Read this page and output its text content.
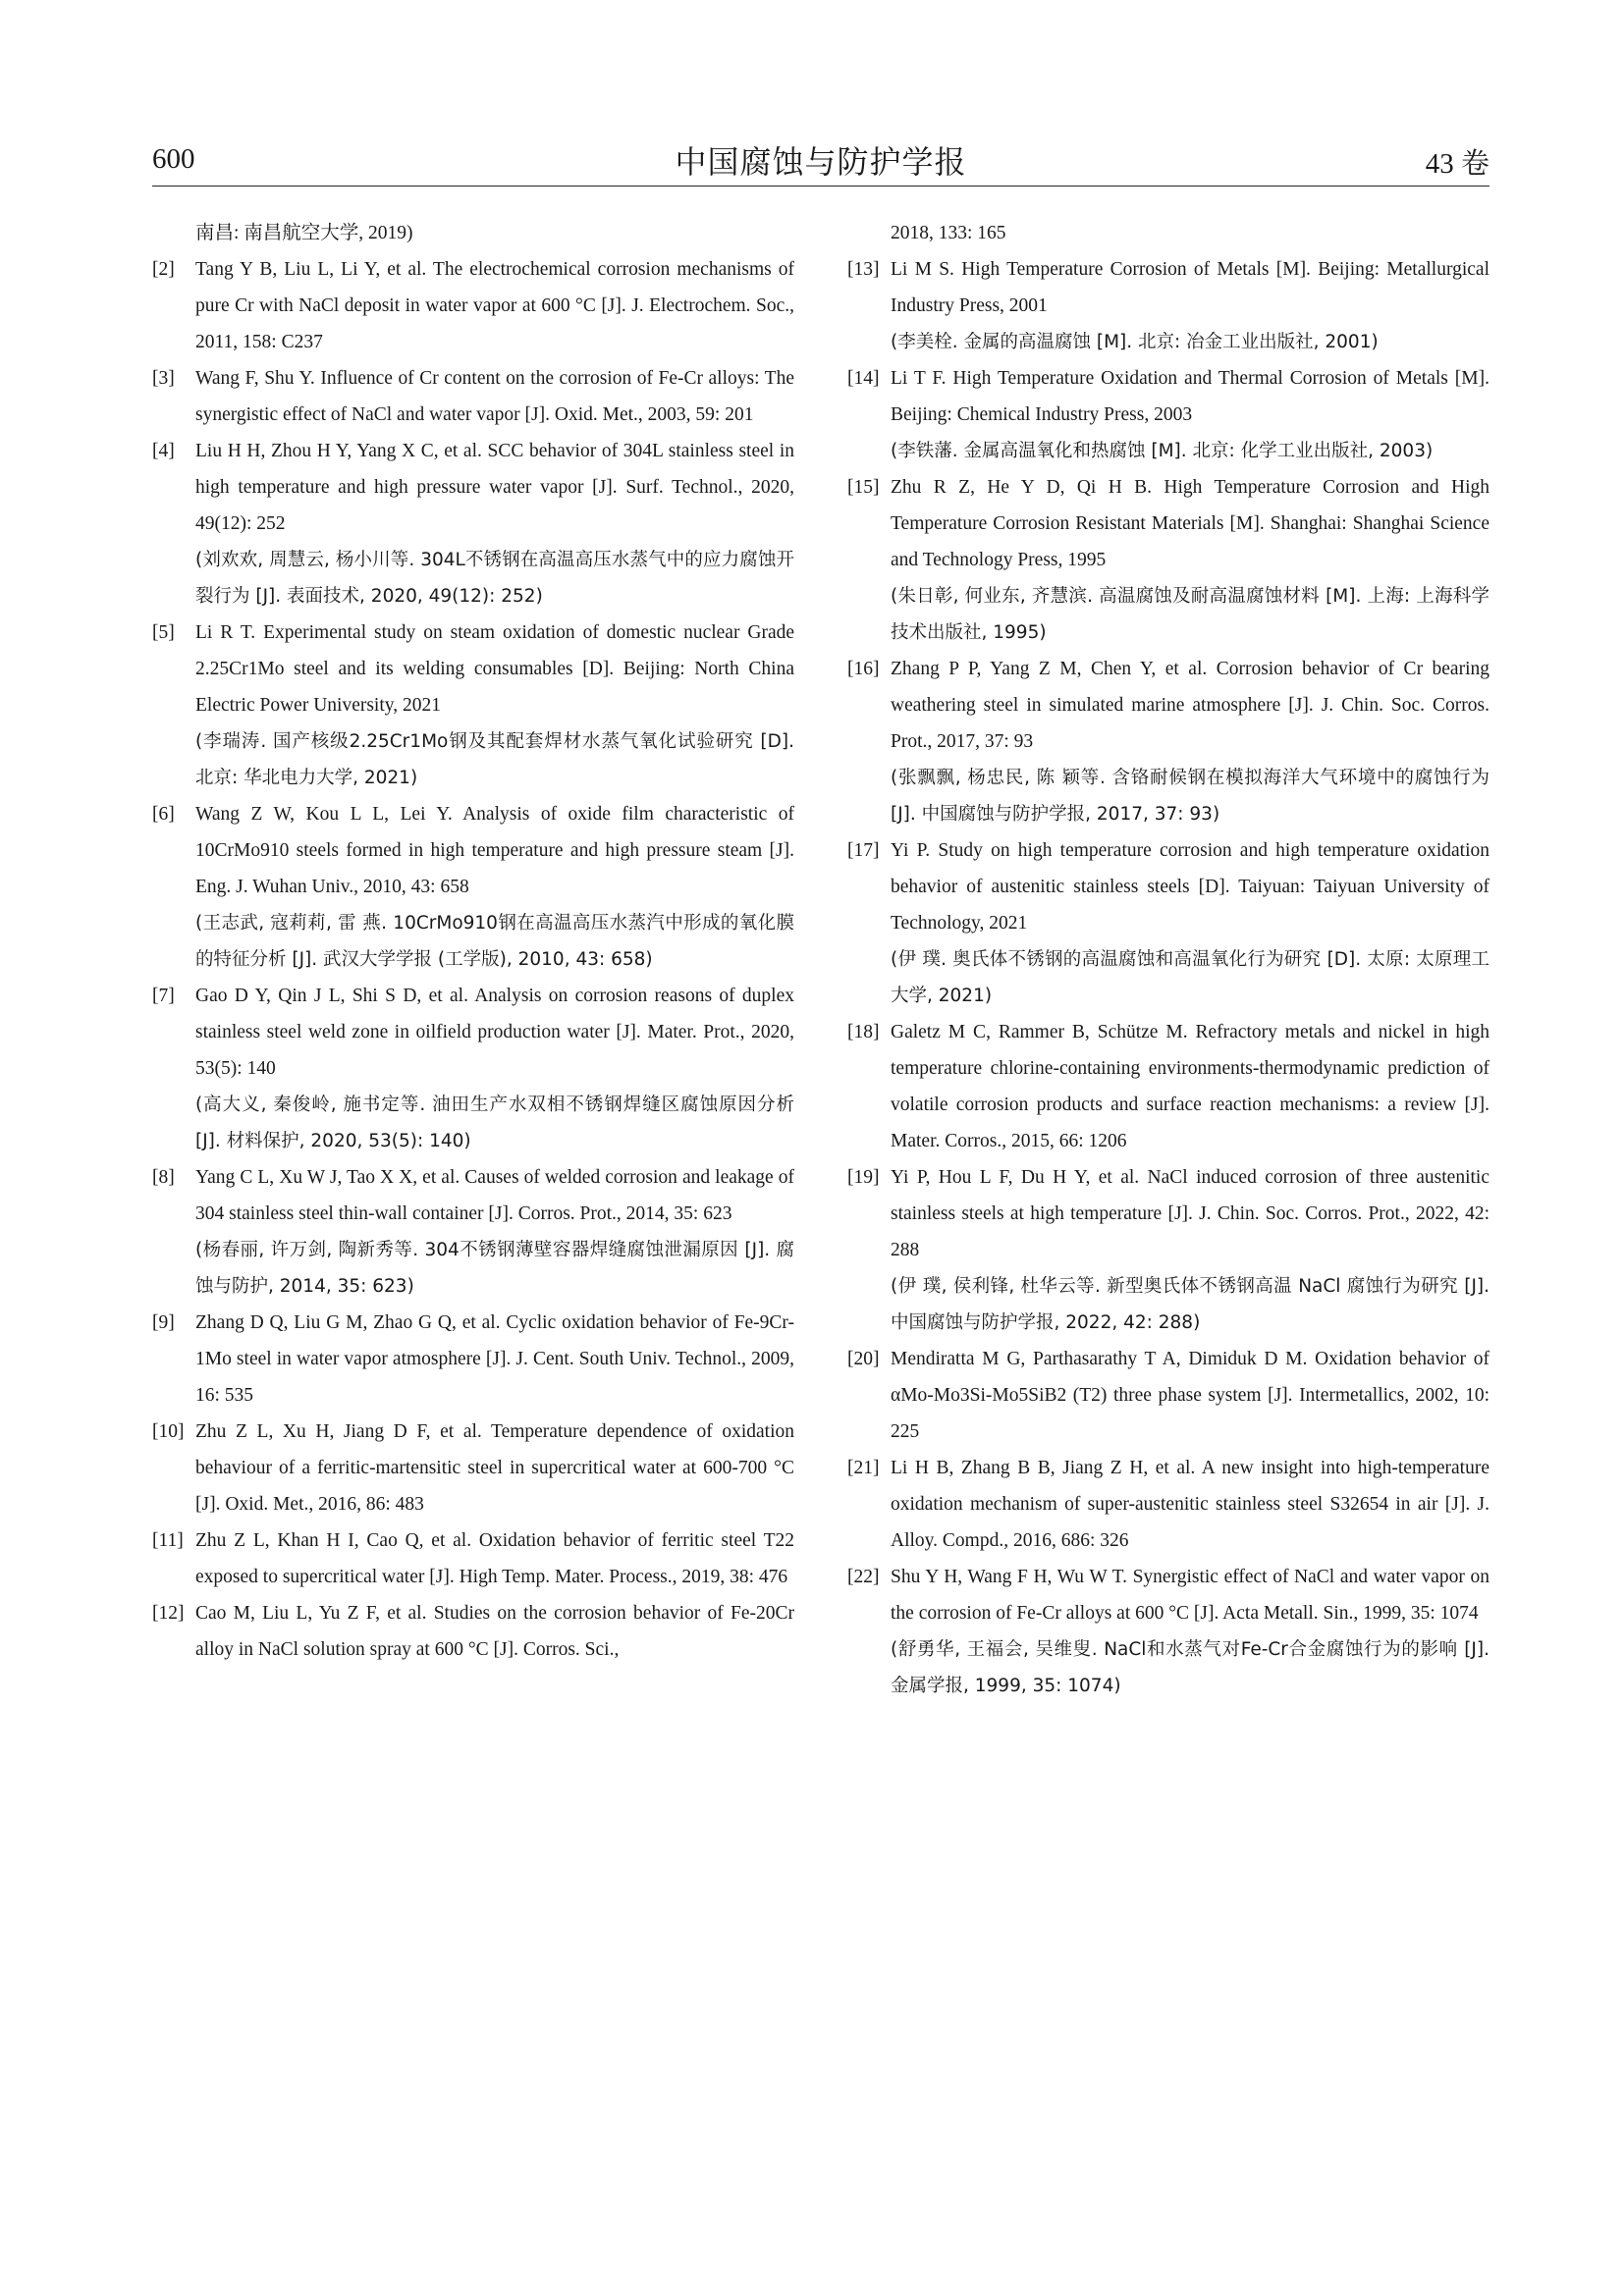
600	中国腐蚀与防护学报	43 卷

南昌: 南昌航空大学, 2019)

[2] Tang Y B, Liu L, Li Y, et al. The electrochemical corrosion mechanisms of pure Cr with NaCl deposit in water vapor at 600 °C [J]. J. Electrochem. Soc., 2011, 158: C237

[3] Wang F, Shu Y. Influence of Cr content on the corrosion of Fe-Cr alloys: The synergistic effect of NaCl and water vapor [J]. Oxid. Met., 2003, 59: 201

[4] Liu H H, Zhou H Y, Yang X C, et al. SCC behavior of 304L stainless steel in high temperature and high pressure water vapor [J]. Surf. Technol., 2020, 49(12): 252

(刘欢欢, 周慧云, 杨小川等. 304L不锈钢在高温高压水蒸气中的应力腐蚀开裂行为 [J]. 表面技术, 2020, 49(12): 252)

[5] Li R T. Experimental study on steam oxidation of domestic nuclear Grade 2.25Cr1Mo steel and its welding consumables [D]. Beijing: North China Electric Power University, 2021

(李瑞涛. 国产核级2.25Cr1Mo钢及其配套焊材水蒸气氧化试验研究 [D]. 北京: 华北电力大学, 2021)

[6] Wang Z W, Kou L L, Lei Y. Analysis of oxide film characteristic of 10CrMo910 steels formed in high temperature and high pressure steam [J]. Eng. J. Wuhan Univ., 2010, 43: 658

(王志武, 寇莉莉, 雷 燕. 10CrMo910钢在高温高压水蒸汽中形成的氧化膜的特征分析 [J]. 武汉大学学报 (工学版), 2010, 43: 658)

[7] Gao D Y, Qin J L, Shi S D, et al. Analysis on corrosion reasons of duplex stainless steel weld zone in oilfield production water [J]. Mater. Prot., 2020, 53(5): 140

(高大义, 秦俊岭, 施书定等. 油田生产水双相不锈钢焊缝区腐蚀原因分析 [J]. 材料保护, 2020, 53(5): 140)

[8] Yang C L, Xu W J, Tao X X, et al. Causes of welded corrosion and leakage of 304 stainless steel thin-wall container [J]. Corros. Prot., 2014, 35: 623

(杨春丽, 许万剑, 陶新秀等. 304不锈钢薄壁容器焊缝腐蚀泄漏原因 [J]. 腐蚀与防护, 2014, 35: 623)

[9] Zhang D Q, Liu G M, Zhao G Q, et al. Cyclic oxidation behavior of Fe-9Cr-1Mo steel in water vapor atmosphere [J]. J. Cent. South Univ. Technol., 2009, 16: 535

[10] Zhu Z L, Xu H, Jiang D F, et al. Temperature dependence of oxidation behaviour of a ferritic-martensitic steel in supercritical water at 600-700 °C [J]. Oxid. Met., 2016, 86: 483

[11] Zhu Z L, Khan H I, Cao Q, et al. Oxidation behavior of ferritic steel T22 exposed to supercritical water [J]. High Temp. Mater. Process., 2019, 38: 476

[12] Cao M, Liu L, Yu Z F, et al. Studies on the corrosion behavior of Fe-20Cr alloy in NaCl solution spray at 600 °C [J]. Corros. Sci.,

2018, 133: 165

[13] Li M S. High Temperature Corrosion of Metals [M]. Beijing: Metallurgical Industry Press, 2001

(李美栓. 金属的高温腐蚀 [M]. 北京: 冶金工业出版社, 2001)

[14] Li T F. High Temperature Oxidation and Thermal Corrosion of Metals [M]. Beijing: Chemical Industry Press, 2003

(李铁藩. 金属高温氧化和热腐蚀 [M]. 北京: 化学工业出版社, 2003)

[15] Zhu R Z, He Y D, Qi H B. High Temperature Corrosion and High Temperature Corrosion Resistant Materials [M]. Shanghai: Shanghai Science and Technology Press, 1995

(朱日彰, 何业东, 齐慧滨. 高温腐蚀及耐高温腐蚀材料 [M]. 上海: 上海科学技术出版社, 1995)

[16] Zhang P P, Yang Z M, Chen Y, et al. Corrosion behavior of Cr bearing weathering steel in simulated marine atmosphere [J]. J. Chin. Soc. Corros. Prot., 2017, 37: 93

(张飘飘, 杨忠民, 陈 颖等. 含铬耐候钢在模拟海洋大气环境中的腐蚀行为 [J]. 中国腐蚀与防护学报, 2017, 37: 93)

[17] Yi P. Study on high temperature corrosion and high temperature oxidation behavior of austenitic stainless steels [D]. Taiyuan: Taiyuan University of Technology, 2021

(伊 璞. 奥氏体不锈钢的高温腐蚀和高温氧化行为研究 [D]. 太原: 太原理工大学, 2021)

[18] Galetz M C, Rammer B, Schütze M. Refractory metals and nickel in high temperature chlorine-containing environments-thermodynamic prediction of volatile corrosion products and surface reaction mechanisms: a review [J]. Mater. Corros., 2015, 66: 1206

[19] Yi P, Hou L F, Du H Y, et al. NaCl induced corrosion of three austenitic stainless steels at high temperature [J]. J. Chin. Soc. Corros. Prot., 2022, 42: 288

(伊 璞, 侯利锋, 杜华云等. 新型奥氏体不锈钢高温 NaCl 腐蚀行为研究 [J]. 中国腐蚀与防护学报, 2022, 42: 288)

[20] Mendiratta M G, Parthasarathy T A, Dimiduk D M. Oxidation behavior of αMo-Mo3Si-Mo5SiB2 (T2) three phase system [J]. Intermetallics, 2002, 10: 225

[21] Li H B, Zhang B B, Jiang Z H, et al. A new insight into high-temperature oxidation mechanism of super-austenitic stainless steel S32654 in air [J]. J. Alloy. Compd., 2016, 686: 326

[22] Shu Y H, Wang F H, Wu W T. Synergistic effect of NaCl and water vapor on the corrosion of Fe-Cr alloys at 600 °C [J]. Acta Metall. Sin., 1999, 35: 1074

(舒勇华, 王福会, 吴维叟. NaCl和水蒸气对Fe-Cr合金腐蚀行为的影响 [J]. 金属学报, 1999, 35: 1074)
